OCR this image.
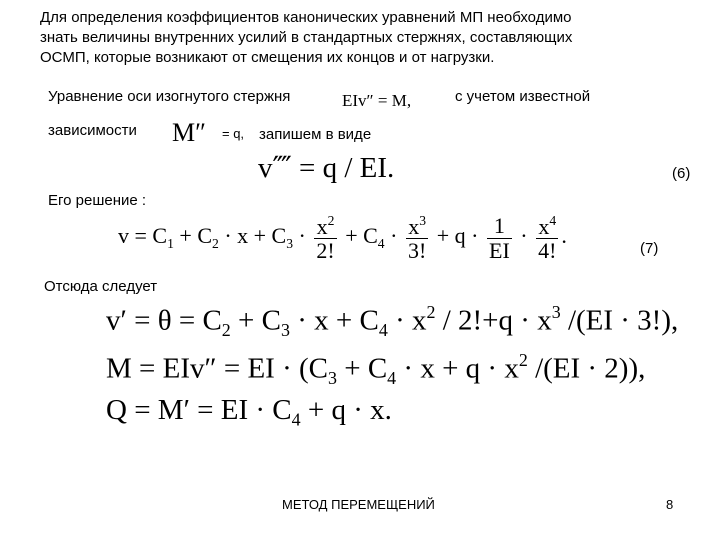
Для определения коэффициентов канонических уравнений МП необходимо
знать величины внутренних усилий в стандартных стержнях, составляющих
ОСМП, которые возникают от смещения их концов и от нагрузки.
Уравнение оси изогнутого стержня	EIv″ = M,	с учетом известной
зависимости M″ = q, запишем в виде
v⁗ = q / EI.	(6)
Его решение :
$v = C_1 + C_2 \cdot x + C_3 \cdot \frac{x^2}{2!} + C_4 \cdot \frac{x^3}{3!} + q \cdot \frac{1}{EI} \cdot \frac{x^4}{4!}$ .
(7)
Отсюда следует
$v' = \theta = C_2 + C_3 \cdot x + C_4 \cdot x^2 / 2!+q \cdot x^3$ /(EI · 3!),
M = EIv″ = EI · ($C_3 + C_4 \cdot x + q \cdot x^2$ /(EI · 2)),
Q = M′ = EI · $C_4 + q \cdot x$.
МЕТОД ПЕРЕМЕЩЕНИЙ	8
